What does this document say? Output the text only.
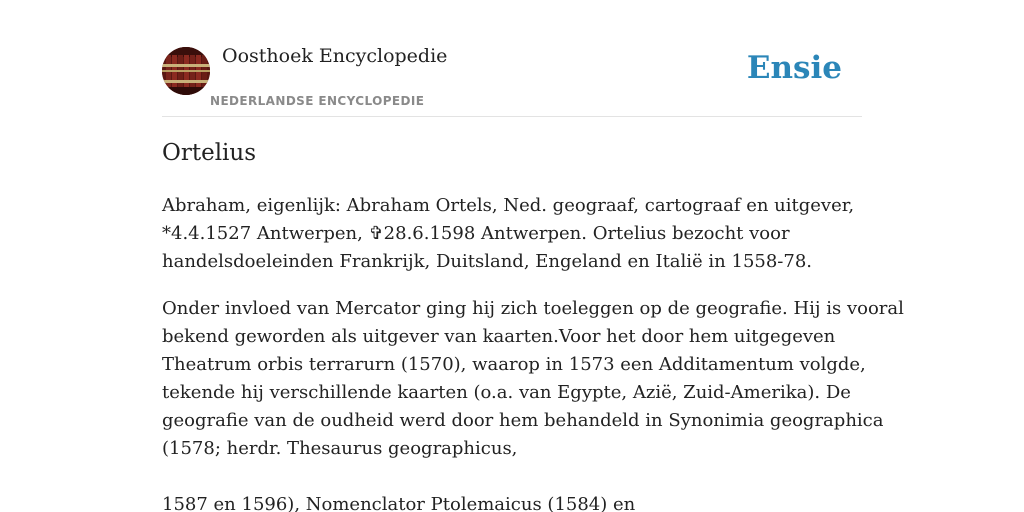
Oosthoek Encyclopedie
NEDERLANDSE ENCYCLOPEDIE
Ensie
Ortelius

Abraham, eigenlijk: Abraham Ortels, Ned. geograaf, cartograaf en uitgever,
*4.4.1527 Antwerpen, ✞28.6.1598 Antwerpen. Ortelius bezocht voor
handelsdoeleinden Frankrijk, Duitsland, Engeland en Italië in 1558-78.

Onder invloed van Mercator ging hij zich toeleggen op de geografie. Hij is vooral
bekend geworden als uitgever van kaarten.Voor het door hem uitgegeven
Theatrum orbis terrarurn (1570), waarop in 1573 een Additamentum volgde,
tekende hij verschillende kaarten (o.a. van Egypte, Azië, Zuid-Amerika). De
geografie van de oudheid werd door hem behandeld in Synonimia geographica
(1578; herdr. Thesaurus geographicus,
1587 en 1596), Nomenclator Ptolemaicus (1584) en
